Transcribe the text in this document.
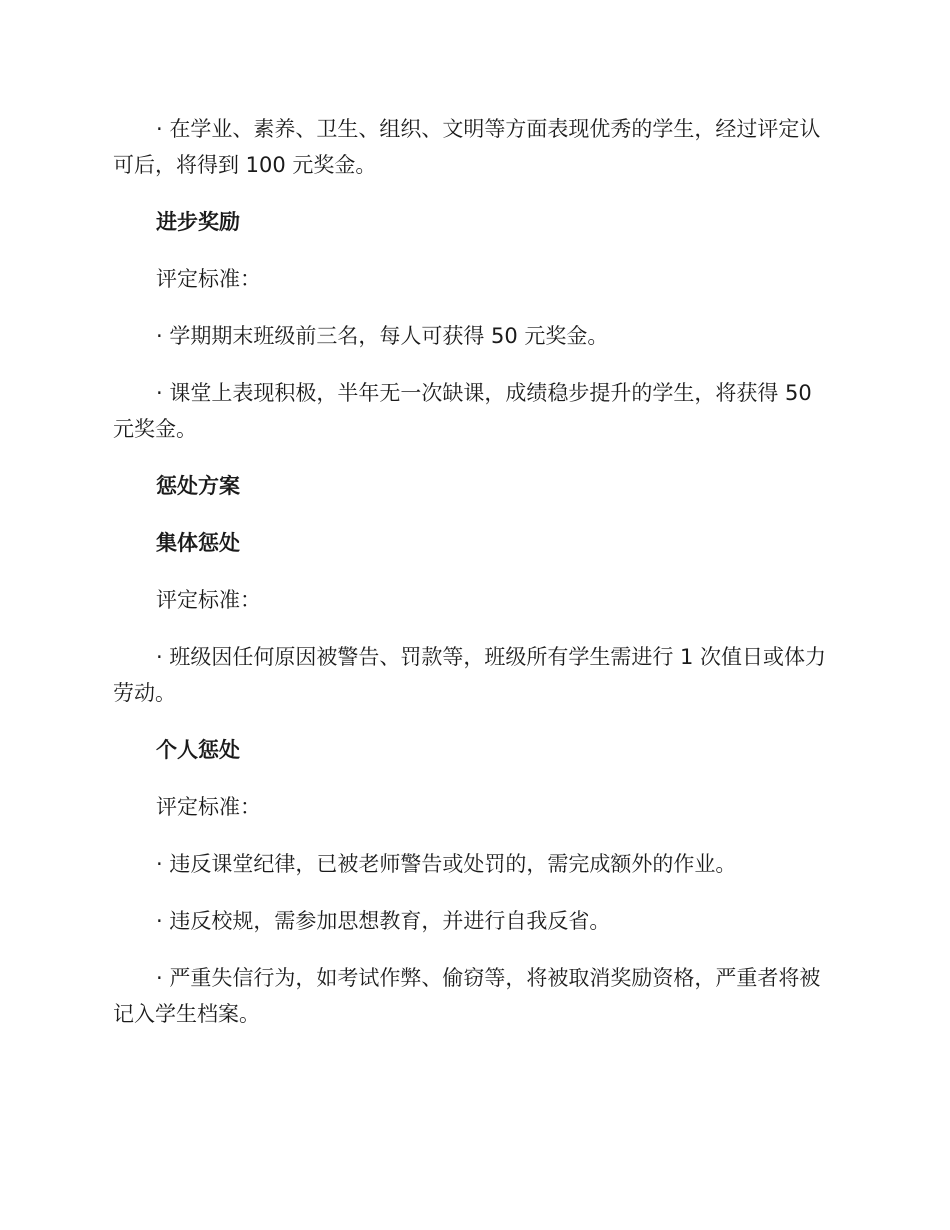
· 在学业、素养、卫生、组织、文明等方面表现优秀的学生，经过评定认可后，将得到 100 元奖金。

进步奖励

评定标准：

· 学期期末班级前三名，每人可获得 50 元奖金。

· 课堂上表现积极，半年无一次缺课，成绩稳步提升的学生，将获得 50 元奖金。

惩处方案

集体惩处

评定标准：

· 班级因任何原因被警告、罚款等，班级所有学生需进行 1 次值日或体力劳动。

个人惩处

评定标准：

· 违反课堂纪律，已被老师警告或处罚的，需完成额外的作业。

· 违反校规，需参加思想教育，并进行自我反省。

· 严重失信行为，如考试作弊、偷窃等，将被取消奖励资格，严重者将被记入学生档案。
